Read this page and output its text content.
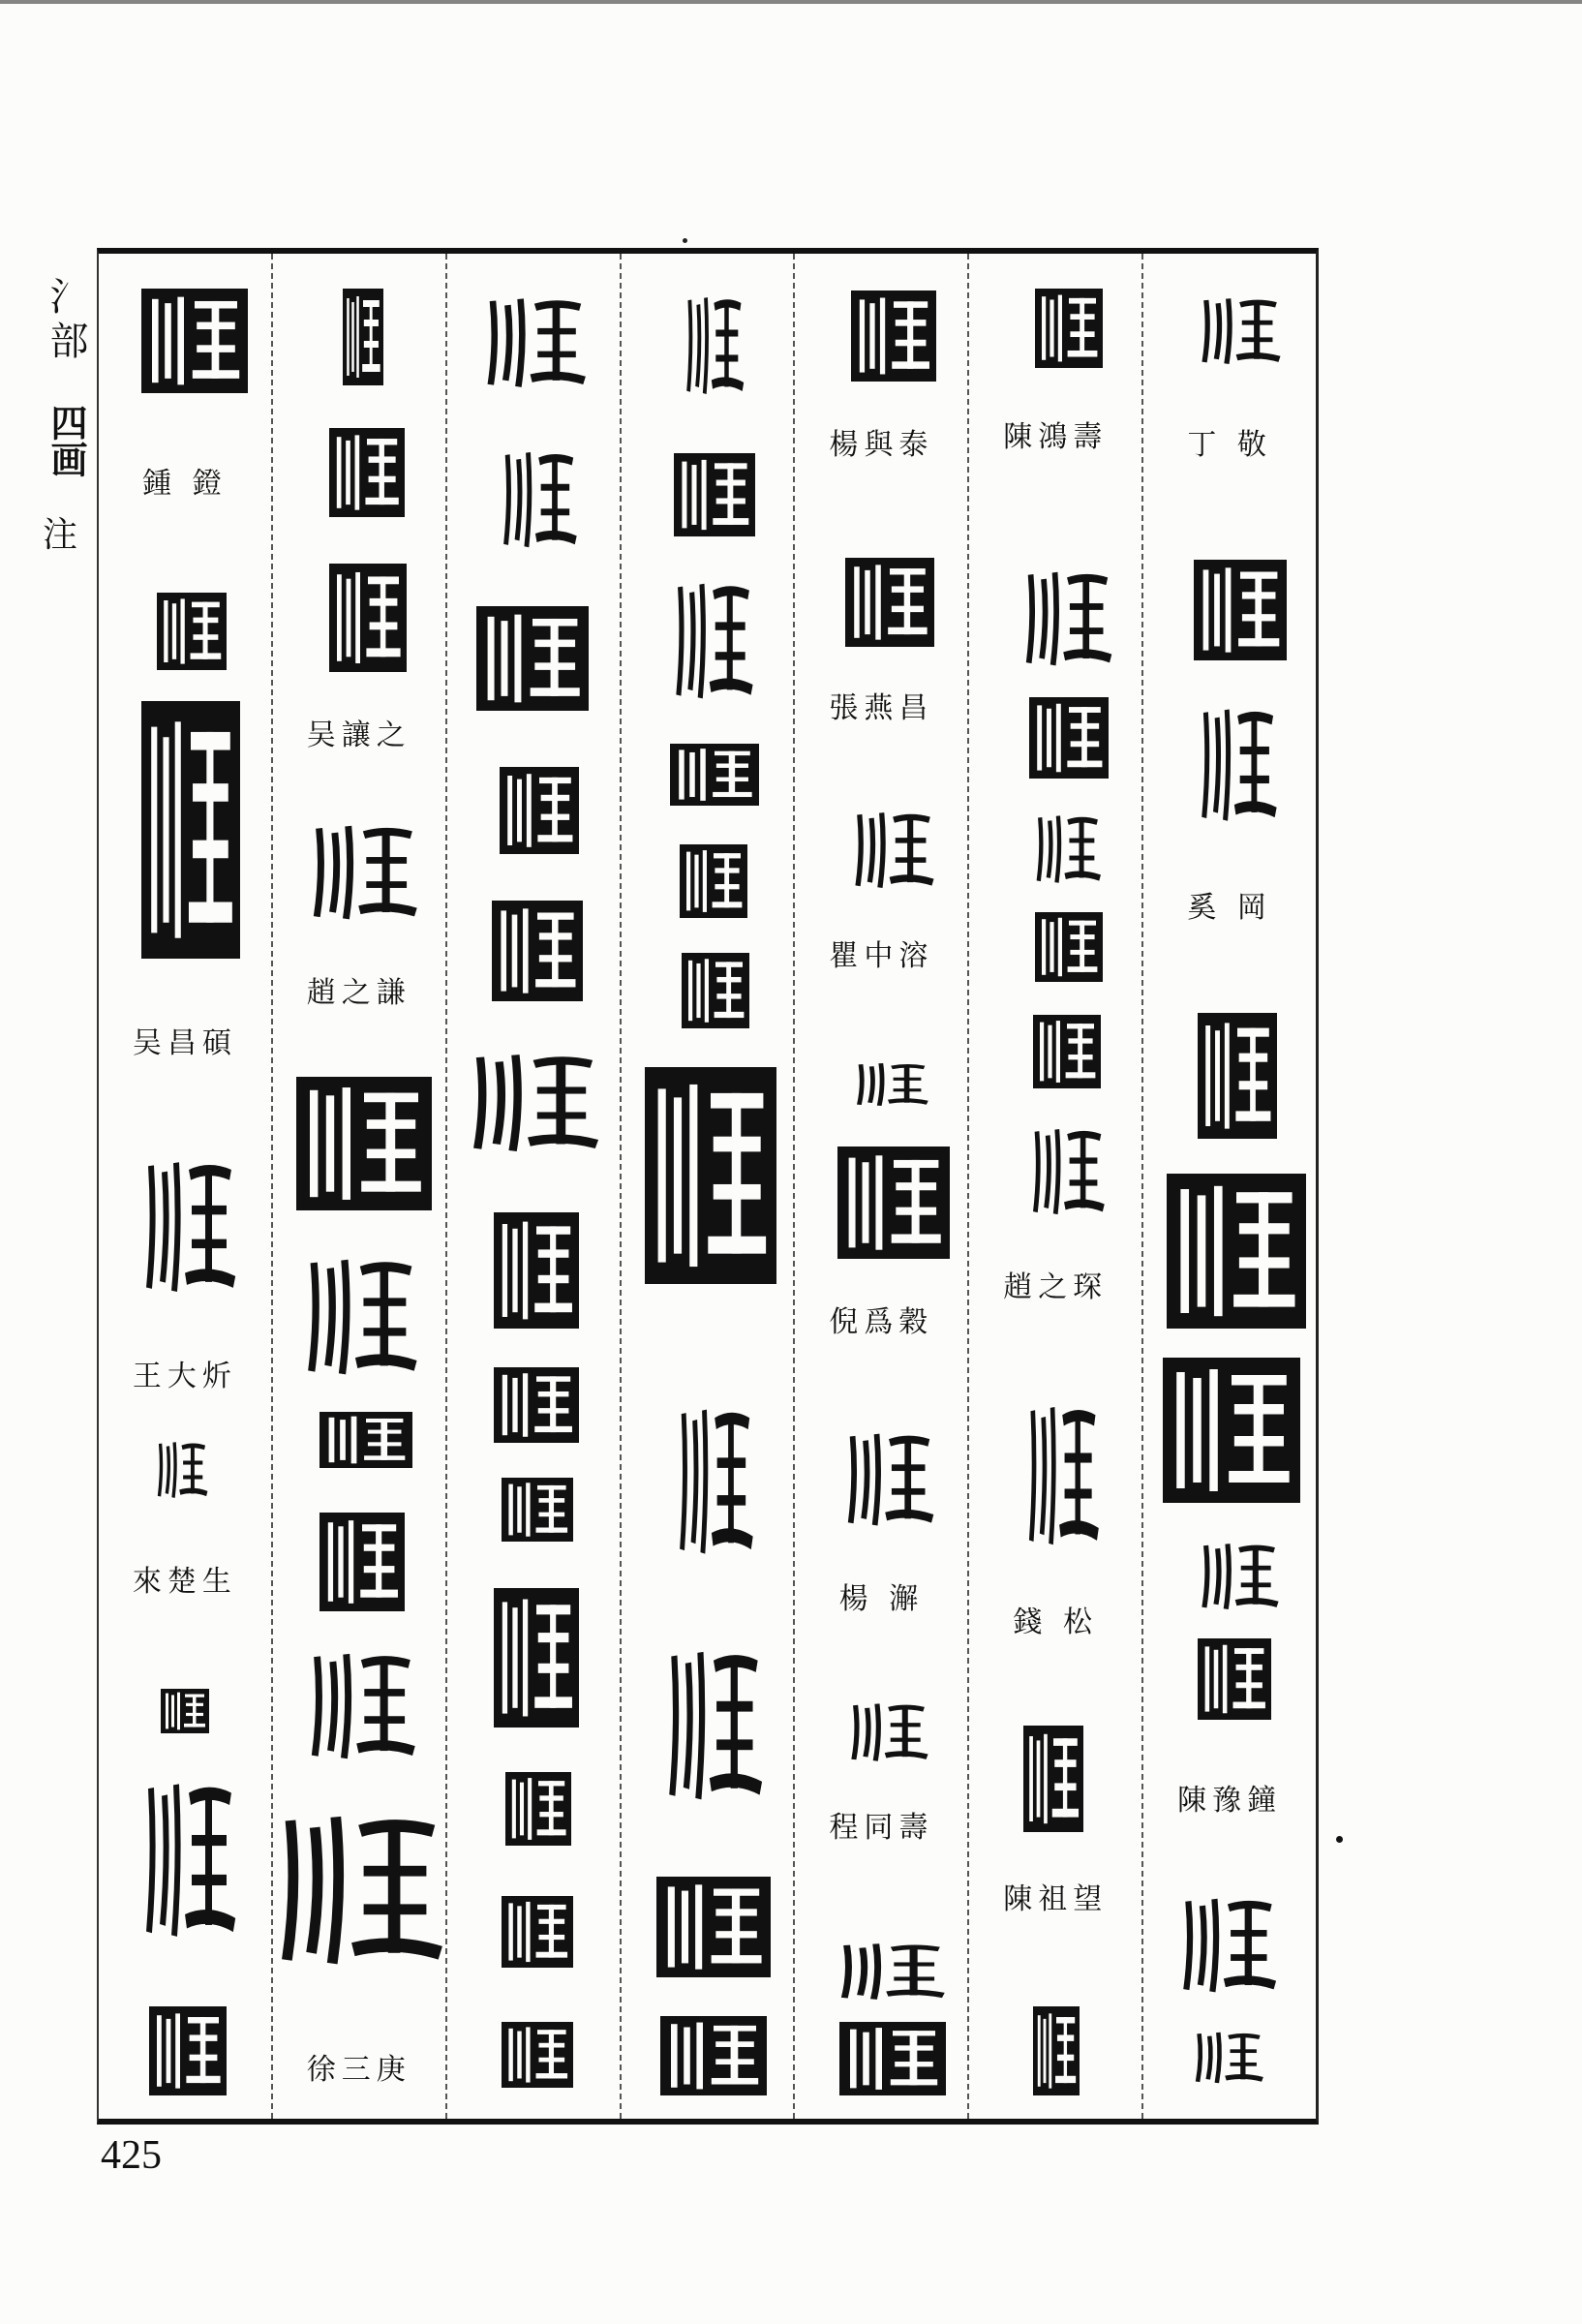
氵部
四画
注
鍾 鐙
吴昌碩
王大炘
來楚生
吴讓之
趙之謙
徐三庚
楊與泰
張燕昌
瞿中溶
倪爲穀
楊 澥
程同壽
陳鴻壽
趙之琛
錢 松
陳祖望
丁 敬
奚 岡
陳豫鐘
425
